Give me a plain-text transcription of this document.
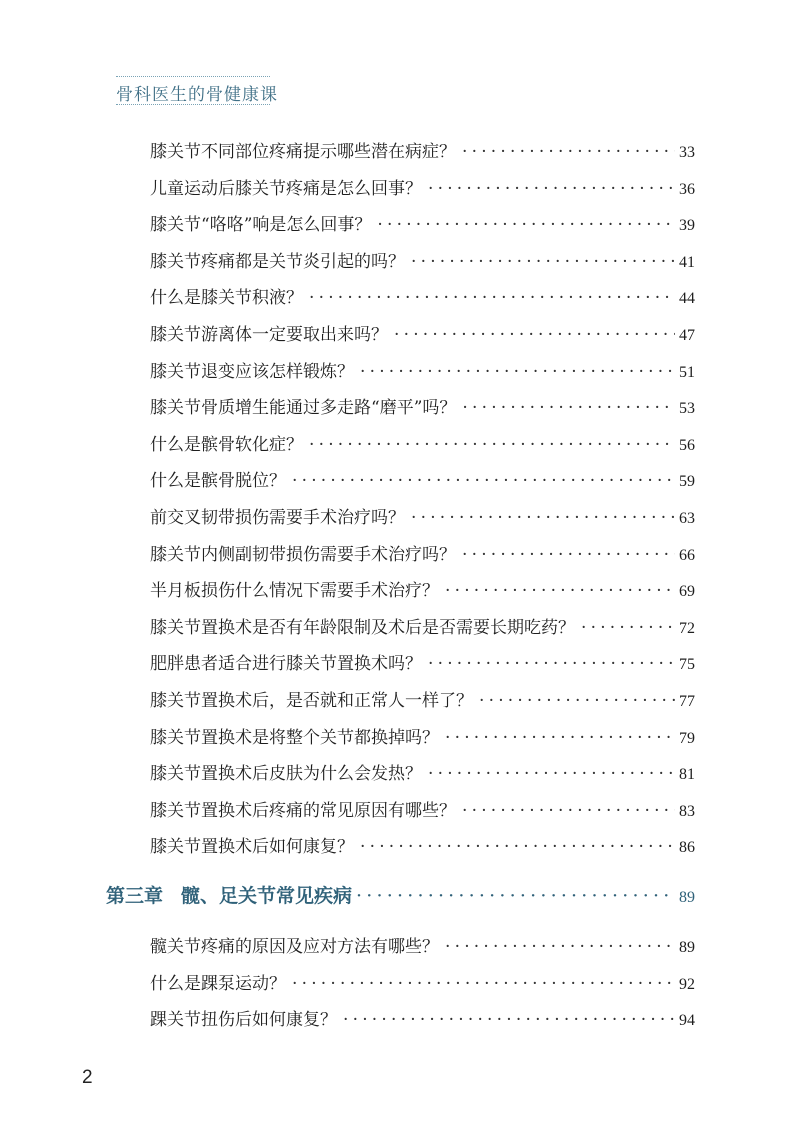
骨科医生的骨健康课
膝关节不同部位疼痛提示哪些潜在病症？ ·····	33
儿童运动后膝关节疼痛是怎么回事？ ·····	36
膝关节“咯咯”响是怎么回事？ ·····	39
膝关节疼痛都是关节炎引起的吗？ ·····	41
什么是膝关节积液？ ·····	44
膝关节游离体一定要取出来吗？ ·····	47
膝关节退变应该怎样锻炼？ ·····	51
膝关节骨质增生能通过多走路“磨平”吗？ ·····	53
什么是髌骨软化症？ ·····	56
什么是髌骨脱位？ ·····	59
前交叉韧带损伤需要手术治疗吗？ ·····	63
膝关节内侧副韧带损伤需要手术治疗吗？ ·····	66
半月板损伤什么情况下需要手术治疗？ ·····	69
膝关节置换术是否有年龄限制及术后是否需要长期吃药？ ·····	72
肥胖患者适合进行膝关节置换术吗？ ·····	75
膝关节置换术后，是否就和正常人一样了？ ·····	77
膝关节置换术是将整个关节都换掉吗？ ·····	79
膝关节置换术后皮肤为什么会发热？ ·····	81
膝关节置换术后疼痛的常见原因有哪些？ ·····	83
膝关节置换术后如何康复？ ·····	86
第三章 髋、足关节常见疾病 ·····	89
髋关节疼痛的原因及应对方法有哪些？ ·····	89
什么是踝泵运动？ ·····	92
踝关节扭伤后如何康复？ ·····	94
2
